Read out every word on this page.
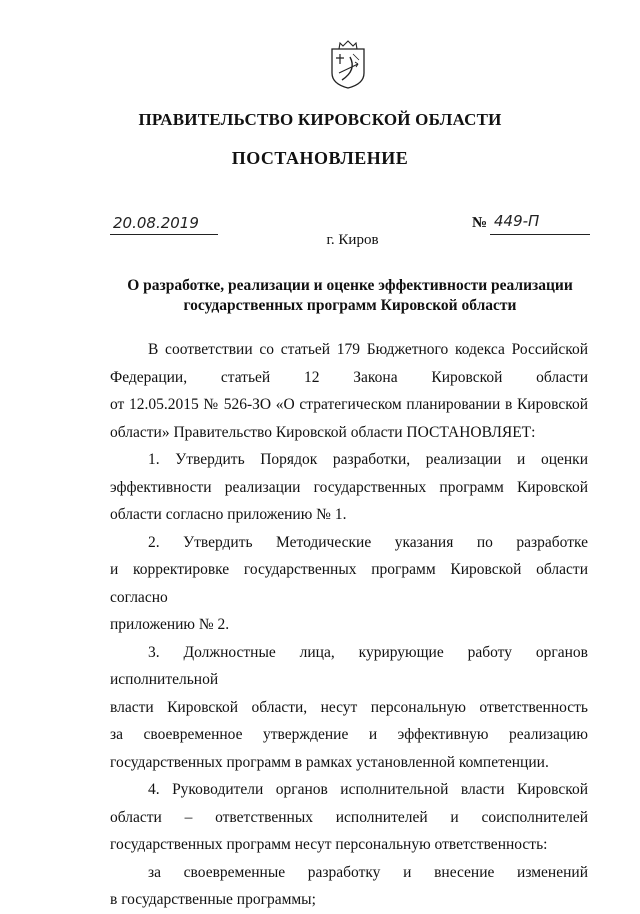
ПРАВИТЕЛЬСТВО КИРОВСКОЙ ОБЛАСТИ
ПОСТАНОВЛЕНИЕ
20.08.2019	№ 449-П
г. Киров
О разработке, реализации и оценке эффективности реализации
государственных программ Кировской области

В соответствии со статьей 179 Бюджетного кодекса Российской

Федерации, статьей 12 Закона Кировской области

от 12.05.2015 № 526-ЗО «О стратегическом планировании в Кировской

области» Правительство Кировской области ПОСТАНОВЛЯЕТ:

1. Утвердить Порядок разработки, реализации и оценки

эффективности реализации государственных программ Кировской

области согласно приложению № 1.

2. Утвердить Методические указания по разработке

и корректировке государственных программ Кировской области согласно

приложению № 2.

3. Должностные лица, курирующие работу органов исполнительной

власти Кировской области, несут персональную ответственность

за своевременное утверждение и эффективную реализацию

государственных программ в рамках установленной компетенции.

4. Руководители органов исполнительной власти Кировской

области – ответственных исполнителей и соисполнителей

государственных программ несут персональную ответственность:

за своевременные разработку и внесение изменений

в государственные программы;
